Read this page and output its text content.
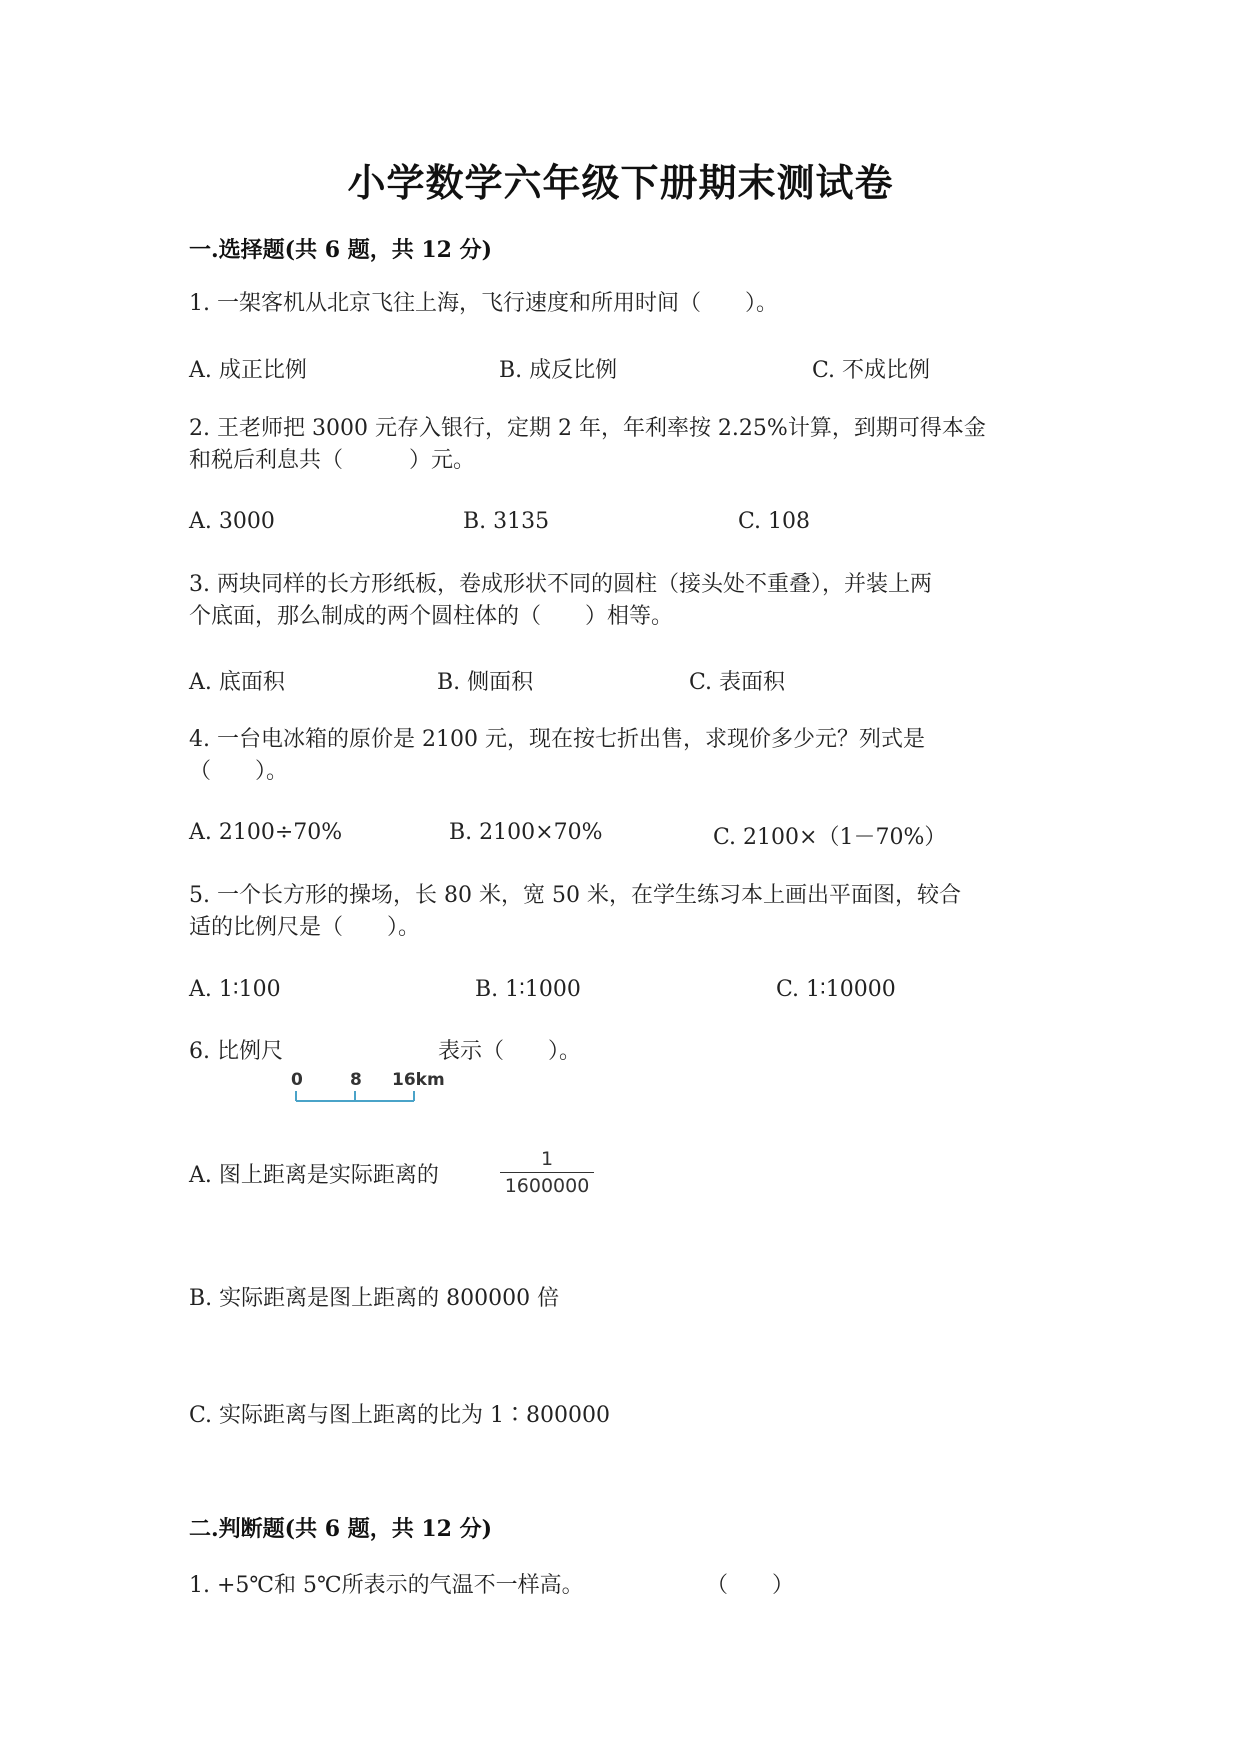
小学数学六年级下册期末测试卷
一.选择题(共 6 题，共 12 分)
1. 一架客机从北京飞往上海，飞行速度和所用时间（　　）。
A. 成正比例	B. 成反比例	C. 不成比例
2. 王老师把 3000 元存入银行，定期 2 年，年利率按 2.25%计算，到期可得本金
和税后利息共（　　　）元。
A. 3000	B. 3135	C. 108
3. 两块同样的长方形纸板，卷成形状不同的圆柱（接头处不重叠），并装上两
个底面，那么制成的两个圆柱体的（　　）相等。
A. 底面积	B. 侧面积	C. 表面积
4. 一台电冰箱的原价是 2100 元，现在按七折出售，求现价多少元？列式是
（　　）。
A. 2100÷70%	B. 2100×70%	C. 2100×（1－70%）
5. 一个长方形的操场，长 80 米，宽 50 米，在学生练习本上画出平面图，较合
适的比例尺是（　　）。
A. 1∶100	B. 1∶1000	C. 1∶10000
6. 比例尺
0	8 16km
表示（　　）。
A. 图上距离是实际距离的
1
1600000
B. 实际距离是图上距离的 800000 倍
C. 实际距离与图上距离的比为 1∶800000
二.判断题(共 6 题，共 12 分)
1. +5℃和 5℃所表示的气温不一样高。	（　　）
